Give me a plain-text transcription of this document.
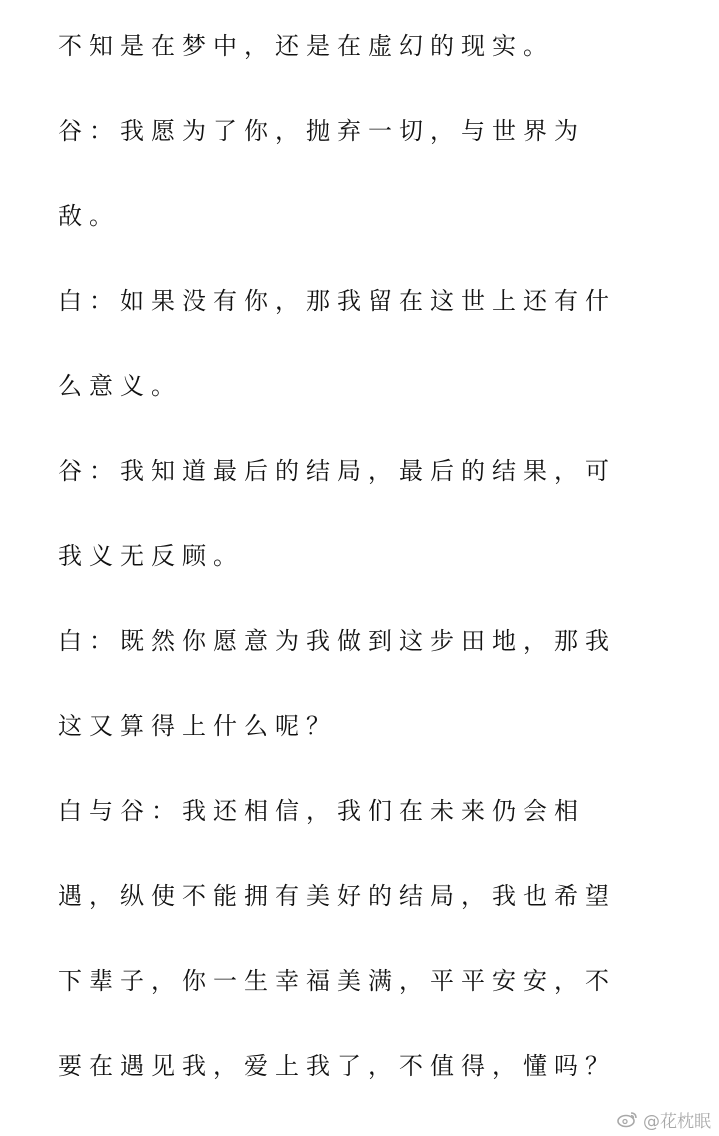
不知是在梦中，还是在虚幻的现实。
谷：我愿为了你，抛弃一切，与世界为
敌。
白：如果没有你，那我留在这世上还有什
么意义。
谷：我知道最后的结局，最后的结果，可
我义无反顾。
白：既然你愿意为我做到这步田地，那我
这又算得上什么呢？
白与谷：我还相信，我们在未来仍会相
遇，纵使不能拥有美好的结局，我也希望
下辈子，你一生幸福美满，平平安安，不
要在遇见我，爱上我了，不值得，懂吗？
@花枕眠
